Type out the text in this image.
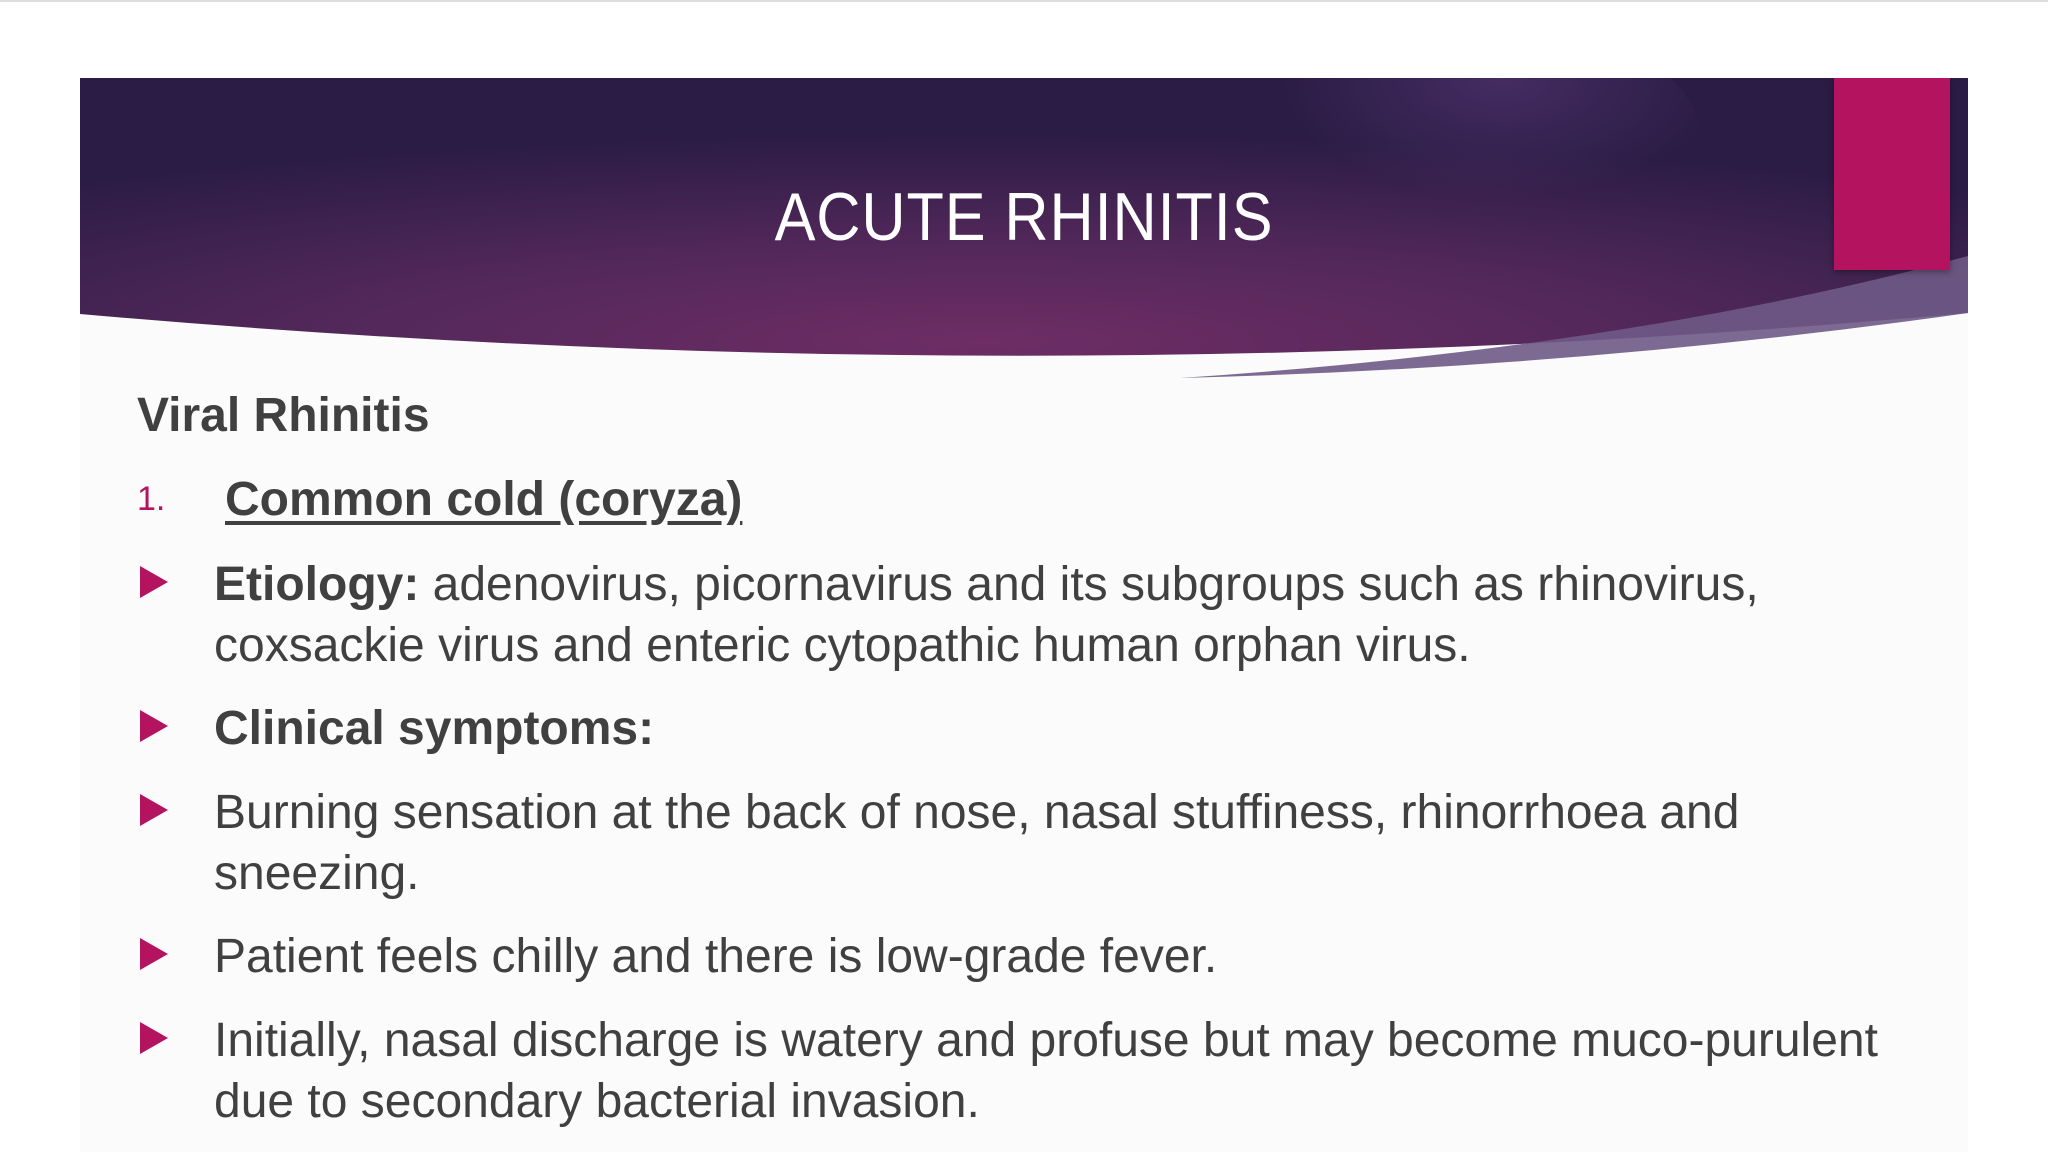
ACUTE RHINITIS
Viral Rhinitis
1. Common cold (coryza)
Etiology: adenovirus, picornavirus and its subgroups such as rhinovirus, coxsackie virus and enteric cytopathic human orphan virus.
Clinical symptoms:
Burning sensation at the back of nose, nasal stuffiness, rhinorrhoea and sneezing.
Patient feels chilly and there is low-grade fever.
Initially, nasal discharge is watery and profuse but may become muco-purulent due to secondary bacterial invasion.
